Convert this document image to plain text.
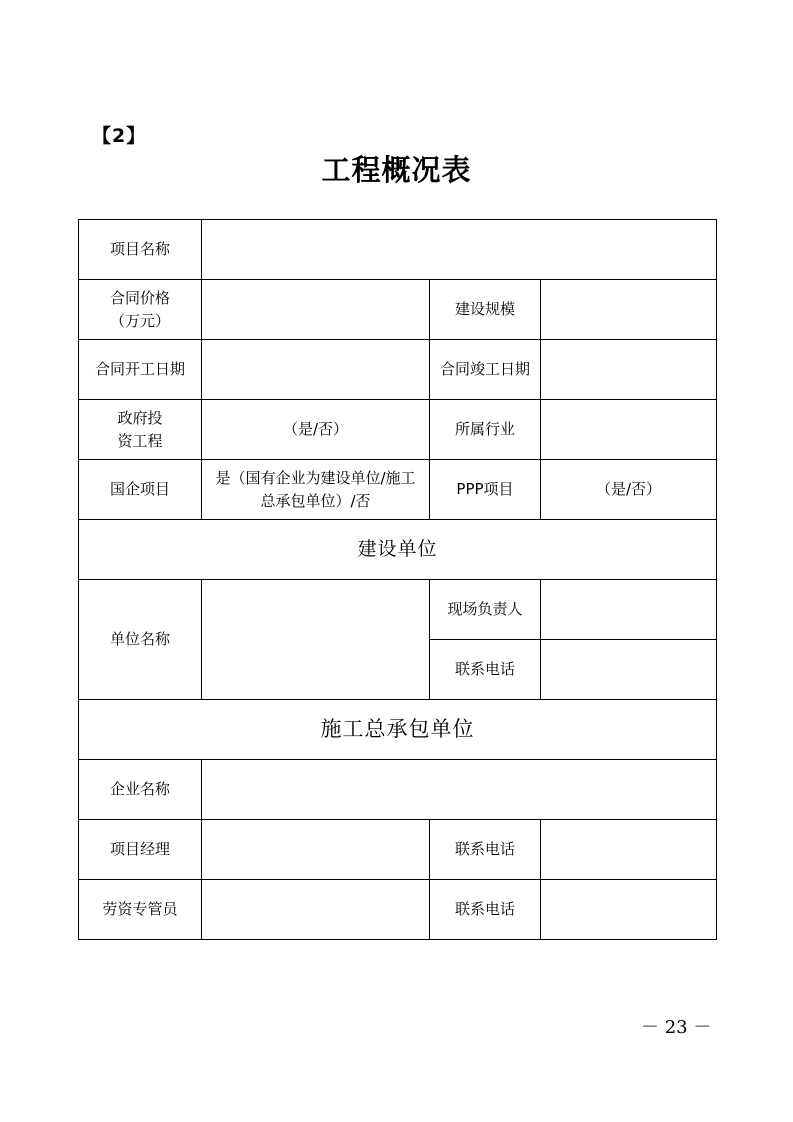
【2】
工程概况表
项目名称			

合同价格
（万元）		建设规模	
合同开工日期		合同竣工日期	

政府投
资工程	（是/否）	所属行业	
国企项目	是（国有企业为建设单位/施工
总承包单位）/否	PPP项目	（是/否）
建设单位			
单位名称		现场负责人	
		联系电话	
施工总承包单位			
企业名称			
项目经理		联系电话	
劳资专管员		联系电话	
－ 23 －
